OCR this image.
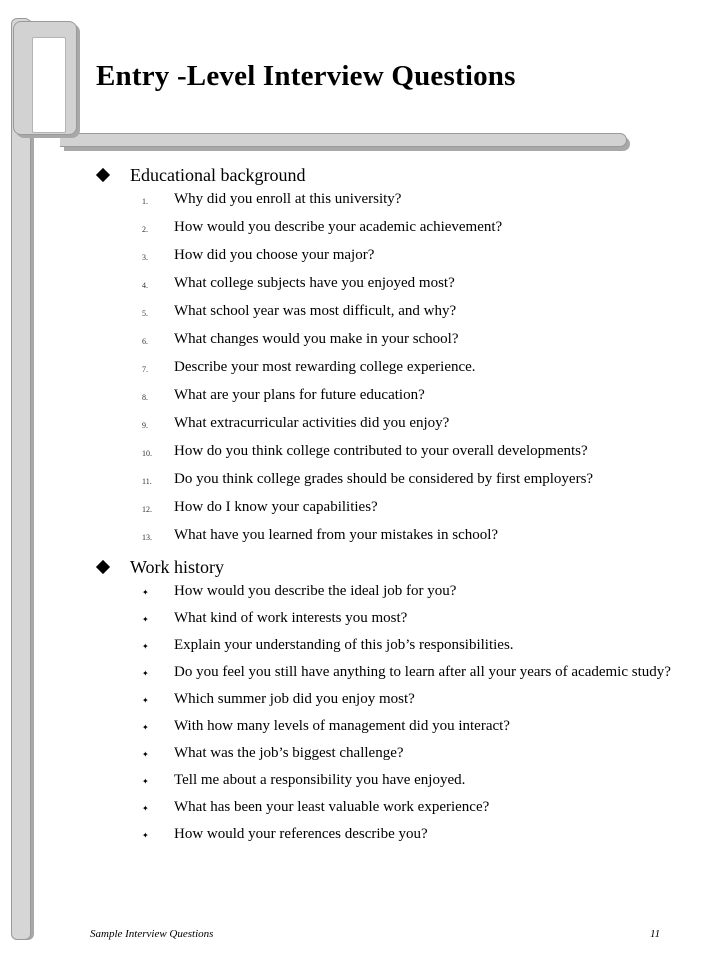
Entry -Level Interview Questions
Educational background
1.	Why did you enroll at this university?
2.	How would you describe your academic achievement?
3.	How did you choose your major?
4.	What college subjects have you enjoyed most?
5.	What school year was most difficult, and why?
6.	What changes would you make in your school?
7.	Describe your most rewarding college experience.
8.	What are your plans for future education?
9.	What extracurricular activities did you enjoy?
10.	How do you think college contributed to your overall developments?
11.	Do you think college grades should be considered by first employers?
12.	How do I know your capabilities?
13.	What have you learned from your mistakes in school?
Work history
✦	How would you describe the ideal job for you?
✦	What kind of work interests you most?
✦	Explain your understanding of this job’s responsibilities.
✦	Do you feel you still have anything to learn after all your years of academic study?
✦	Which summer job did you enjoy most?
✦	With how many levels of management did you interact?
✦	What was the job’s biggest challenge?
✦	Tell me about a responsibility you have enjoyed.
✦	What has been your least valuable work experience?
✦	How would your references describe you?
Sample Interview Questions	11
